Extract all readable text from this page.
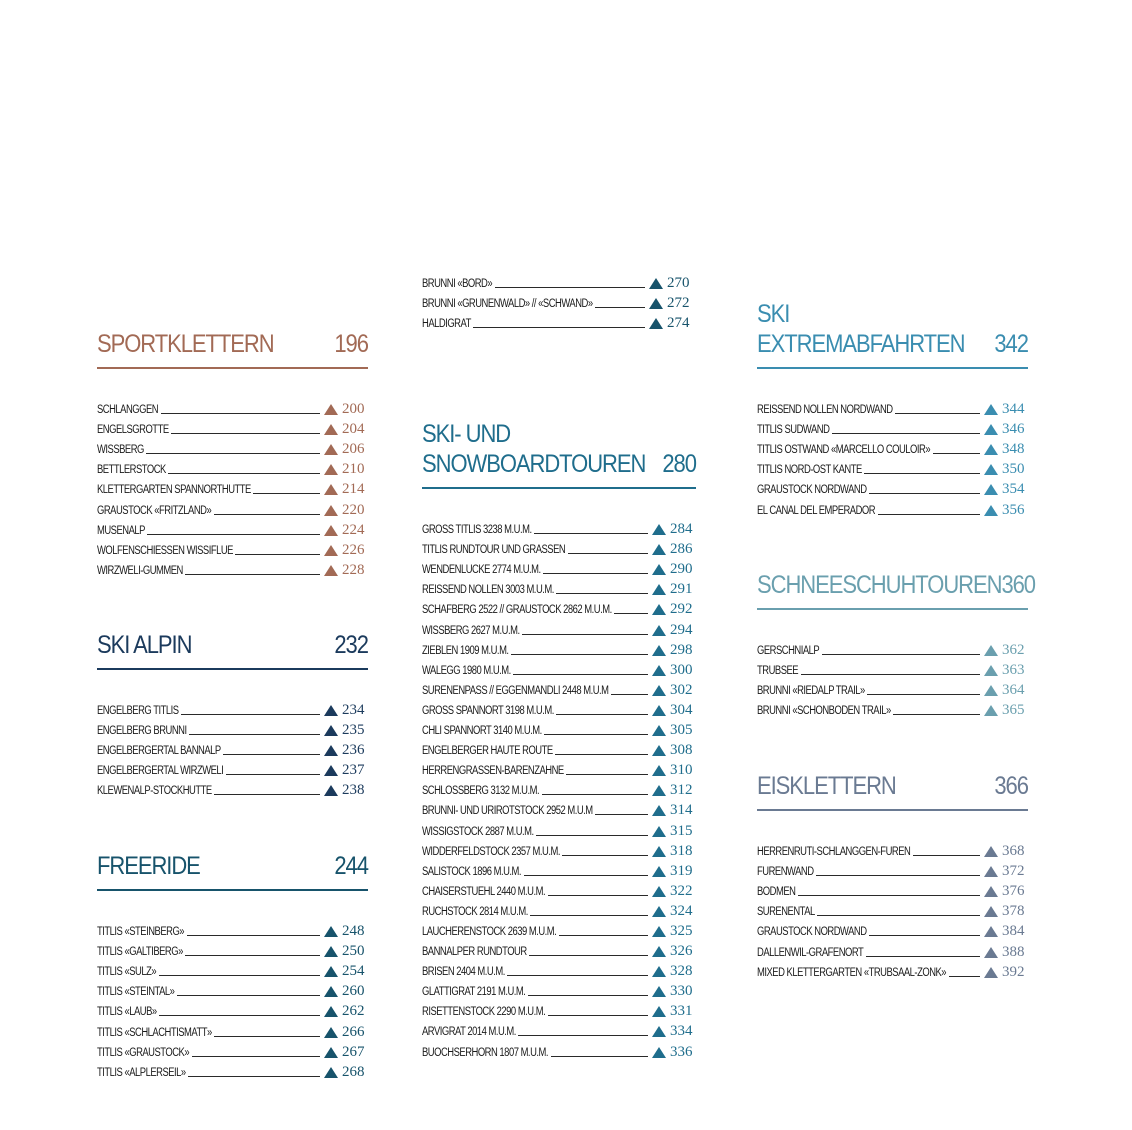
SPORTKLETTERN 196
SCHLÄNGGEN	200
ENGELSGROTTE	204
WISSBERG	206
BETTLERSTOCK	210
KLETTERGÄRTEN SPANNORTHÜTTE	214
GRAUSTOCK «FRITZLAND»	220
MUSENALP	224
WOLFENSCHIESSEN WISSIFLUE	226
WIRZWELI-GUMMEN	228
SKI ALPIN	232
ENGELBERG TITLIS	234
ENGELBERG BRUNNI	235
ENGELBERGERTAL BANNALP	236
ENGELBERGERTAL WIRZWELI	237
KLEWENALP-STOCKHÜTTE	238
FREERIDE	244
TITLIS «STEINBERG»	248
TITLIS «GALTIBERG»	250
TITLIS «SULZ»	254
TITLIS «STEINTAL»	260
TITLIS «LAUB»	262
TITLIS «SCHLÄCHTISMATT»	266
TITLIS «GRAUSTOCK»	267
TITLIS «ÄLPLERSEIL»	268
BRUNNI «BORD»	270
BRUNNI «GRÜNENWALD» // «SCHWAND»	272
HALDIGRAT	274
SKI- UND SNOWBOARDTOUREN 280
GROSS TITLIS 3238 M.Ü.M.	284
TITLIS RUNDTOUR UND GRASSEN	286
WENDENLÜCKE 2774 M.Ü.M.	290
REISSEND NOLLEN 3003 M.Ü.M.	291
SCHAFBERG 2522 // GRAUSTOCK 2862 M.Ü.M.	292
WISSBERG 2627 M.Ü.M.	294
ZIEBLEN 1909 M.Ü.M.	298
WALEGG 1980 M.Ü.M.	300
SURENENPASS // EGGENMANDLI 2448 M.Ü.M	302
GROSS SPANNORT 3198 M.Ü.M.	304
CHLI SPANNORT 3140 M.Ü.M.	305
ENGELBERGER HAUTE ROUTE	308
HERRENGRASSEN-BÄRENZÄHNE	310
SCHLOSSBERG 3132 M.Ü.M.	312
BRUNNI- UND URIROTSTOCK 2952 M.Ü.M	314
WISSIGSTOCK 2887 M.Ü.M.	315
WIDDERFELDSTOCK 2357 M.Ü.M.	318
SALISTOCK 1896 M.Ü.M.	319
CHAISERSTUEHL 2440 M.Ü.M.	322
RUCHSTOCK 2814 M.Ü.M.	324
LAUCHERENSTOCK 2639 M.Ü.M.	325
BANNALPER RUNDTOUR	326
BRISEN 2404 M.Ü.M.	328
GLATTIGRAT 2191 M.Ü.M.	330
RISETTENSTOCK 2290 M.Ü.M.	331
ARVIGRAT 2014 M.Ü.M.	334
BUOCHSERHORN 1807 M.Ü.M.	336
SKI EXTREMABFAHRTEN	342
REISSEND NOLLEN NORDWAND	344
TITLIS SÜDWAND	346
TITLIS OSTWAND «MARCELLO COULOIR»	348
TITLIS NORD-OST KANTE	350
GRAUSTOCK NORDWAND	354
EL CANAL DEL EMPERADOR	356
SCHNEESCHUHTOUREN 360
GERSCHNIALP	362
TRÜBSEE	363
BRUNNI «RIEDALP TRAIL»	364
BRUNNI «SCHÖNBODEN TRAIL»	365
EISKLETTERN	366
HERRENRÜTI-SCHLÄNGGEN-FÜREN	368
FÜRENWAND	372
BÖDMEN	376
SURENENTAL	378
GRAUSTOCK NORDWAND	384
DALLENWIL-GRAFENORT	388
MIXED KLETTERGÄRTEN «TRÜBSAAL-ZONK»	392
